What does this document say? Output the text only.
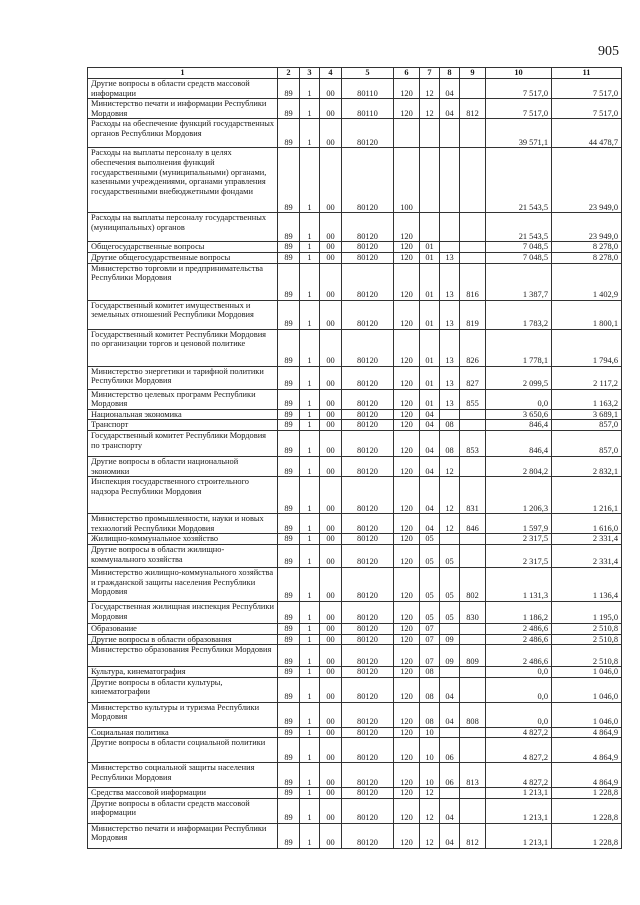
905
1	2	3	4	5	6	7	8	9	10	11
Другие вопросы в области средств массовой информации	89	1	00	80110	120	12	04		7 517,0	7 517,0
Министерство печати и информации Республики Мордовия	89	1	00	80110	120	12	04	812	7 517,0	7 517,0
Расходы на обеспечение функций государственных органов Республики Мордовия	89	1	00	80120					39 571,1	44 478,7
Расходы на выплаты персоналу в целях обеспечения выполнения функций государственными (муниципальными) органами, казенными учреждениями, органами управления государственными внебюджетными фондами	89	1	00	80120	100				21 543,5	23 949,0
Расходы на выплаты персоналу государственных (муниципальных) органов	89	1	00	80120	120				21 543,5	23 949,0
Общегосударственные вопросы	89	1	00	80120	120	01			7 048,5	8 278,0
Другие общегосударственные вопросы	89	1	00	80120	120	01	13		7 048,5	8 278,0
Министерство торговли и предпринимательства Республики Мордовия	89	1	00	80120	120	01	13	816	1 387,7	1 402,9
Государственный комитет имущественных и земельных отношений Республики Мордовия	89	1	00	80120	120	01	13	819	1 783,2	1 800,1
Государственный комитет Республики Мордовия по организации торгов и ценовой политике	89	1	00	80120	120	01	13	826	1 778,1	1 794,6
Министерство энергетики и тарифной политики Республики Мордовия	89	1	00	80120	120	01	13	827	2 099,5	2 117,2
Министерство целевых программ Республики Мордовия	89	1	00	80120	120	01	13	855	0,0	1 163,2
Национальная экономика	89	1	00	80120	120	04			3 650,6	3 689,1
Транспорт	89	1	00	80120	120	04	08		846,4	857,0
Государственный комитет Республики Мордовия по транспорту	89	1	00	80120	120	04	08	853	846,4	857,0
Другие вопросы в области национальной экономики	89	1	00	80120	120	04	12		2 804,2	2 832,1
Инспекция государственного строительного надзора Республики Мордовия	89	1	00	80120	120	04	12	831	1 206,3	1 216,1
Министерство промышленности, науки и новых технологий Республики Мордовия	89	1	00	80120	120	04	12	846	1 597,9	1 616,0
Жилищно-коммунальное хозяйство	89	1	00	80120	120	05			2 317,5	2 331,4
Другие вопросы в области жилищно-коммунального хозяйства	89	1	00	80120	120	05	05		2 317,5	2 331,4
Министерство жилищно-коммунального хозяйства и гражданской защиты населения Республики Мордовия	89	1	00	80120	120	05	05	802	1 131,3	1 136,4
Государственная жилищная инспекция Республики Мордовия	89	1	00	80120	120	05	05	830	1 186,2	1 195,0
Образование	89	1	00	80120	120	07			2 486,6	2 510,8
Другие вопросы в области образования	89	1	00	80120	120	07	09		2 486,6	2 510,8
Министерство образования Республики Мордовия	89	1	00	80120	120	07	09	809	2 486,6	2 510,8
Культура, кинематография	89	1	00	80120	120	08			0,0	1 046,0
Другие вопросы в области культуры, кинематографии	89	1	00	80120	120	08	04		0,0	1 046,0
Министерство культуры и туризма Республики Мордовия	89	1	00	80120	120	08	04	808	0,0	1 046,0
Социальная политика	89	1	00	80120	120	10			4 827,2	4 864,9
Другие вопросы в области социальной политики	89	1	00	80120	120	10	06		4 827,2	4 864,9
Министерство социальной защиты населения Республики Мордовия	89	1	00	80120	120	10	06	813	4 827,2	4 864,9
Средства массовой информации	89	1	00	80120	120	12			1 213,1	1 228,8
Другие вопросы в области средств массовой информации	89	1	00	80120	120	12	04		1 213,1	1 228,8
Министерство печати и информации Республики Мордовия	89	1	00	80120	120	12	04	812	1 213,1	1 228,8
